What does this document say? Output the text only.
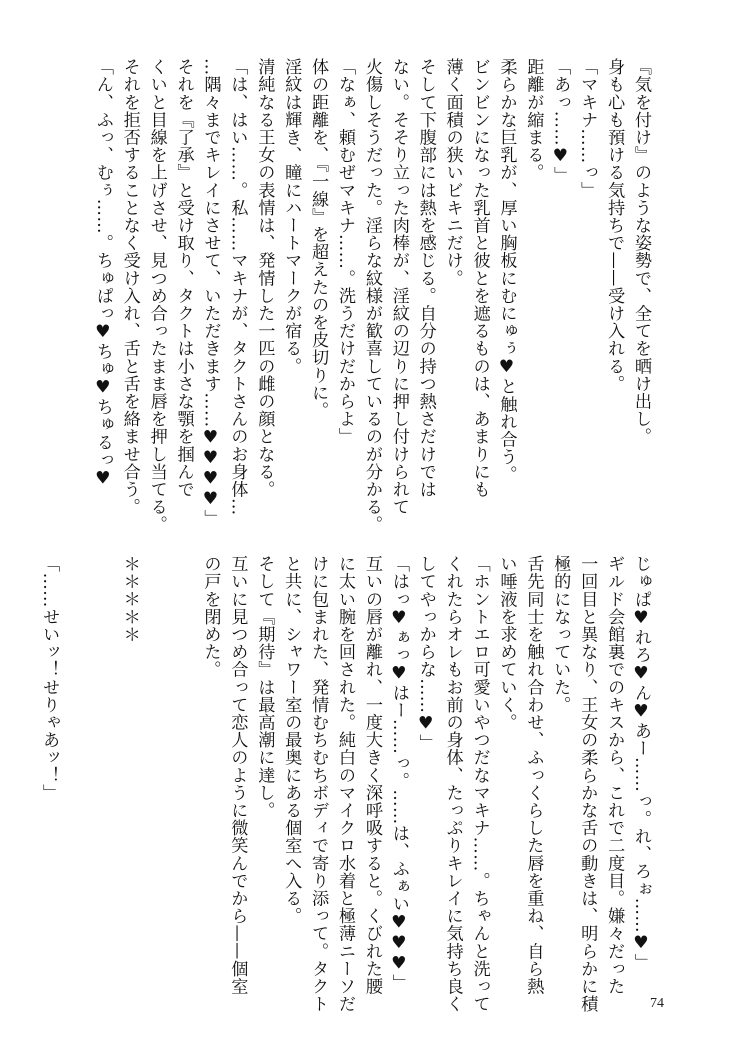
『気を付け』のような姿勢で、全てを晒け出し。
身も心も預ける気持ちで——受け入れる。
「マキナ……っ」
「あっ……♥」
距離が縮まる。
柔らかな巨乳が、厚い胸板にむにゅぅ♥と触れ合う。
ビンビンになった乳首と彼とを遮るものは、あまりにも
薄く面積の狭いビキニだけ。
そして下腹部には熱を感じる。自分の持つ熱さだけでは
ない。そそり立った肉棒が、淫紋の辺りに押し付けられて
火傷しそうだった。淫らな紋様が歓喜しているのが分かる。
「なぁ、頼むぜマキナ……。洗うだけだからよ」
体の距離を、『一線』を超えたのを皮切りに。
淫紋は輝き、瞳にハートマークが宿る。
清純なる王女の表情は、発情した一匹の雌の顔となる。
「は、はい……。私……マキナが、タクトさんのお身体…
…隅々までキレイにさせて、いただきます……♥♥♥♥」
それを『了承』と受け取り、タクトは小さな顎を掴んで
くいと目線を上げさせ、見つめ合ったまま唇を押し当てる。
それを拒否することなく受け入れ、舌と舌を絡ませ合う。
「ん、ふっ、むぅ……。ちゅぱっ♥ちゅ♥ちゅるっ♥
じゅぱ♥れろ♥ん♥あー……っ。れ、ろぉ……♥」
ギルド会館裏でのキスから、これで二度目。嫌々だった
一回目と異なり、王女の柔らかな舌の動きは、明らかに積
極的になっていた。
舌先同士を触れ合わせ、ふっくらした唇を重ね、自ら熱
い唾液を求めていく。
「ホントエロ可愛いやつだなマキナ……。ちゃんと洗って
くれたらオレもお前の身体、たっぷりキレイに気持ち良く
してやっからな……♥」
「はっ♥ぁっ♥はー……っ。……は、ふぁい♥♥♥」
互いの唇が離れ、一度大きく深呼吸すると。くびれた腰
に太い腕を回された。純白のマイクロ水着と極薄ニーソだ
けに包まれた、発情むちむちボディで寄り添って。タクト
と共に、シャワー室の最奥にある個室へ入る。
そして『期待』は最高潮に達し。
互いに見つめ合って恋人のように微笑んでから——個室
の戸を閉めた。

＊＊＊＊＊

「……せいッ！せりゃあッ！」
74
